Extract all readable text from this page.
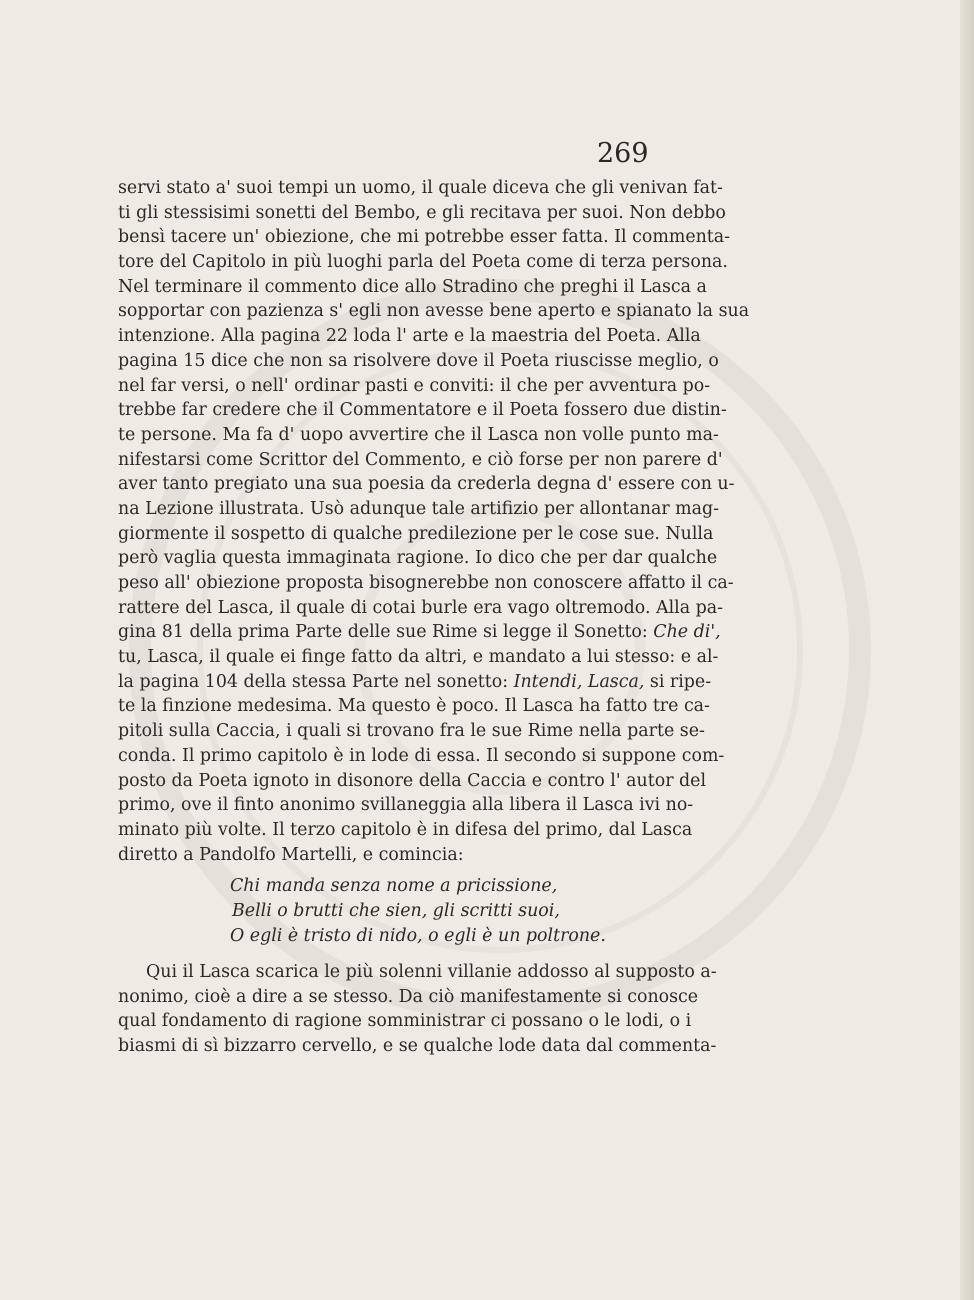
269
servi stato a' suoi tempi un uomo, il quale diceva che gli venivan fat-
ti gli stessisimi sonetti del Bembo, e gli recitava per suoi. Non debbo
bensì tacere un' obiezione, che mi potrebbe esser fatta. Il commenta-
tore del Capitolo in più luoghi parla del Poeta come di terza persona.
Nel terminare il commento dice allo Stradino che preghi il Lasca a
sopportar con pazienza s' egli non avesse bene aperto e spianato la sua
intenzione. Alla pagina 22 loda l' arte e la maestria del Poeta. Alla
pagina 15 dice che non sa risolvere dove il Poeta riuscisse meglio, o
nel far versi, o nell' ordinar pasti e conviti: il che per avventura po-
trebbe far credere che il Commentatore e il Poeta fossero due distin-
te persone. Ma fa d' uopo avvertire che il Lasca non volle punto ma-
nifestarsi come Scrittor del Commento, e ciò forse per non parere d'
aver tanto pregiato una sua poesia da crederla degna d' essere con u-
na Lezione illustrata. Usò adunque tale artifizio per allontanar mag-
giormente il sospetto di qualche predilezione per le cose sue. Nulla
però vaglia questa immaginata ragione. Io dico che per dar qualche
peso all' obiezione proposta bisognerebbe non conoscere affatto il ca-
rattere del Lasca, il quale di cotai burle era vago oltremodo. Alla pa-
gina 81 della prima Parte delle sue Rime si legge il Sonetto: Che di',
tu, Lasca, il quale ei finge fatto da altri, e mandato a lui stesso: e al-
la pagina 104 della stessa Parte nel sonetto: Intendi, Lasca, si ripe-
te la finzione medesima. Ma questo è poco. Il Lasca ha fatto tre ca-
pitoli sulla Caccia, i quali si trovano fra le sue Rime nella parte se-
conda. Il primo capitolo è in lode di essa. Il secondo si suppone com-
posto da Poeta ignoto in disonore della Caccia e contro l' autor del
primo, ove il finto anonimo svillaneggia alla libera il Lasca ivi no-
minato più volte. Il terzo capitolo è in difesa del primo, dal Lasca
diretto a Pandolfo Martelli, e comincia:
Chi manda senza nome a pricissione,
Belli o brutti che sien, gli scritti suoi,
O egli è tristo di nido, o egli è un poltrone.
Qui il Lasca scarica le più solenni villanie addosso al supposto a-
nonimo, cioè a dire a se stesso. Da ciò manifestamente si conosce
qual fondamento di ragione somministrar ci possano o le lodi, o i
biasmi di sì bizzarro cervello, e se qualche lode data dal commenta-
